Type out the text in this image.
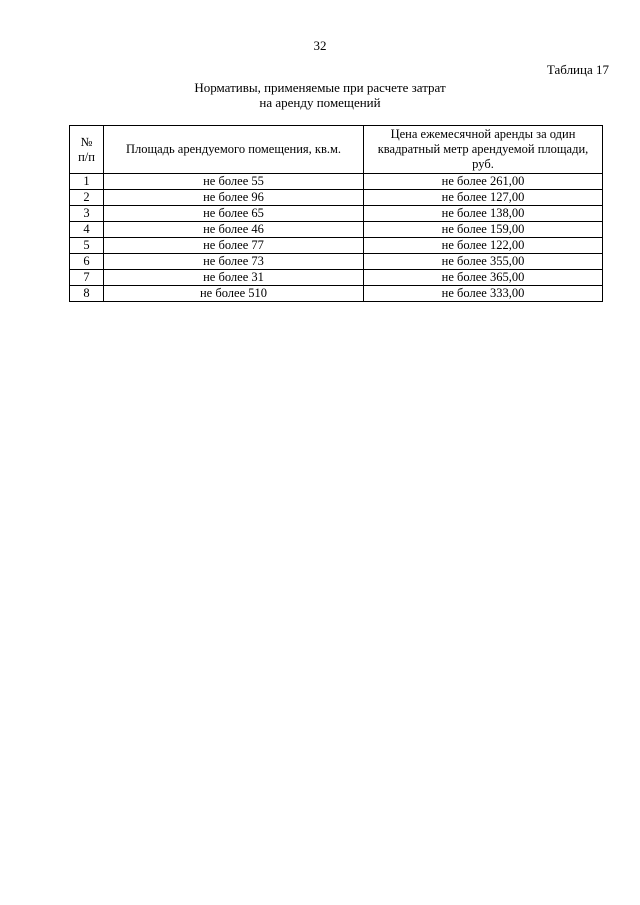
32
Таблица 17
Нормативы, применяемые при расчете затрат
на аренду помещений
№ п/п	Площадь арендуемого помещения, кв.м.	Цена ежемесячной аренды за один квадратный метр арендуемой площади, руб.
1	не более 55	не более 261,00
2	не более 96	не более 127,00
3	не более 65	не более 138,00
4	не более 46	не более 159,00
5	не более 77	не более 122,00
6	не более 73	не более 355,00
7	не более 31	не более 365,00
8	не более 510	не более 333,00
